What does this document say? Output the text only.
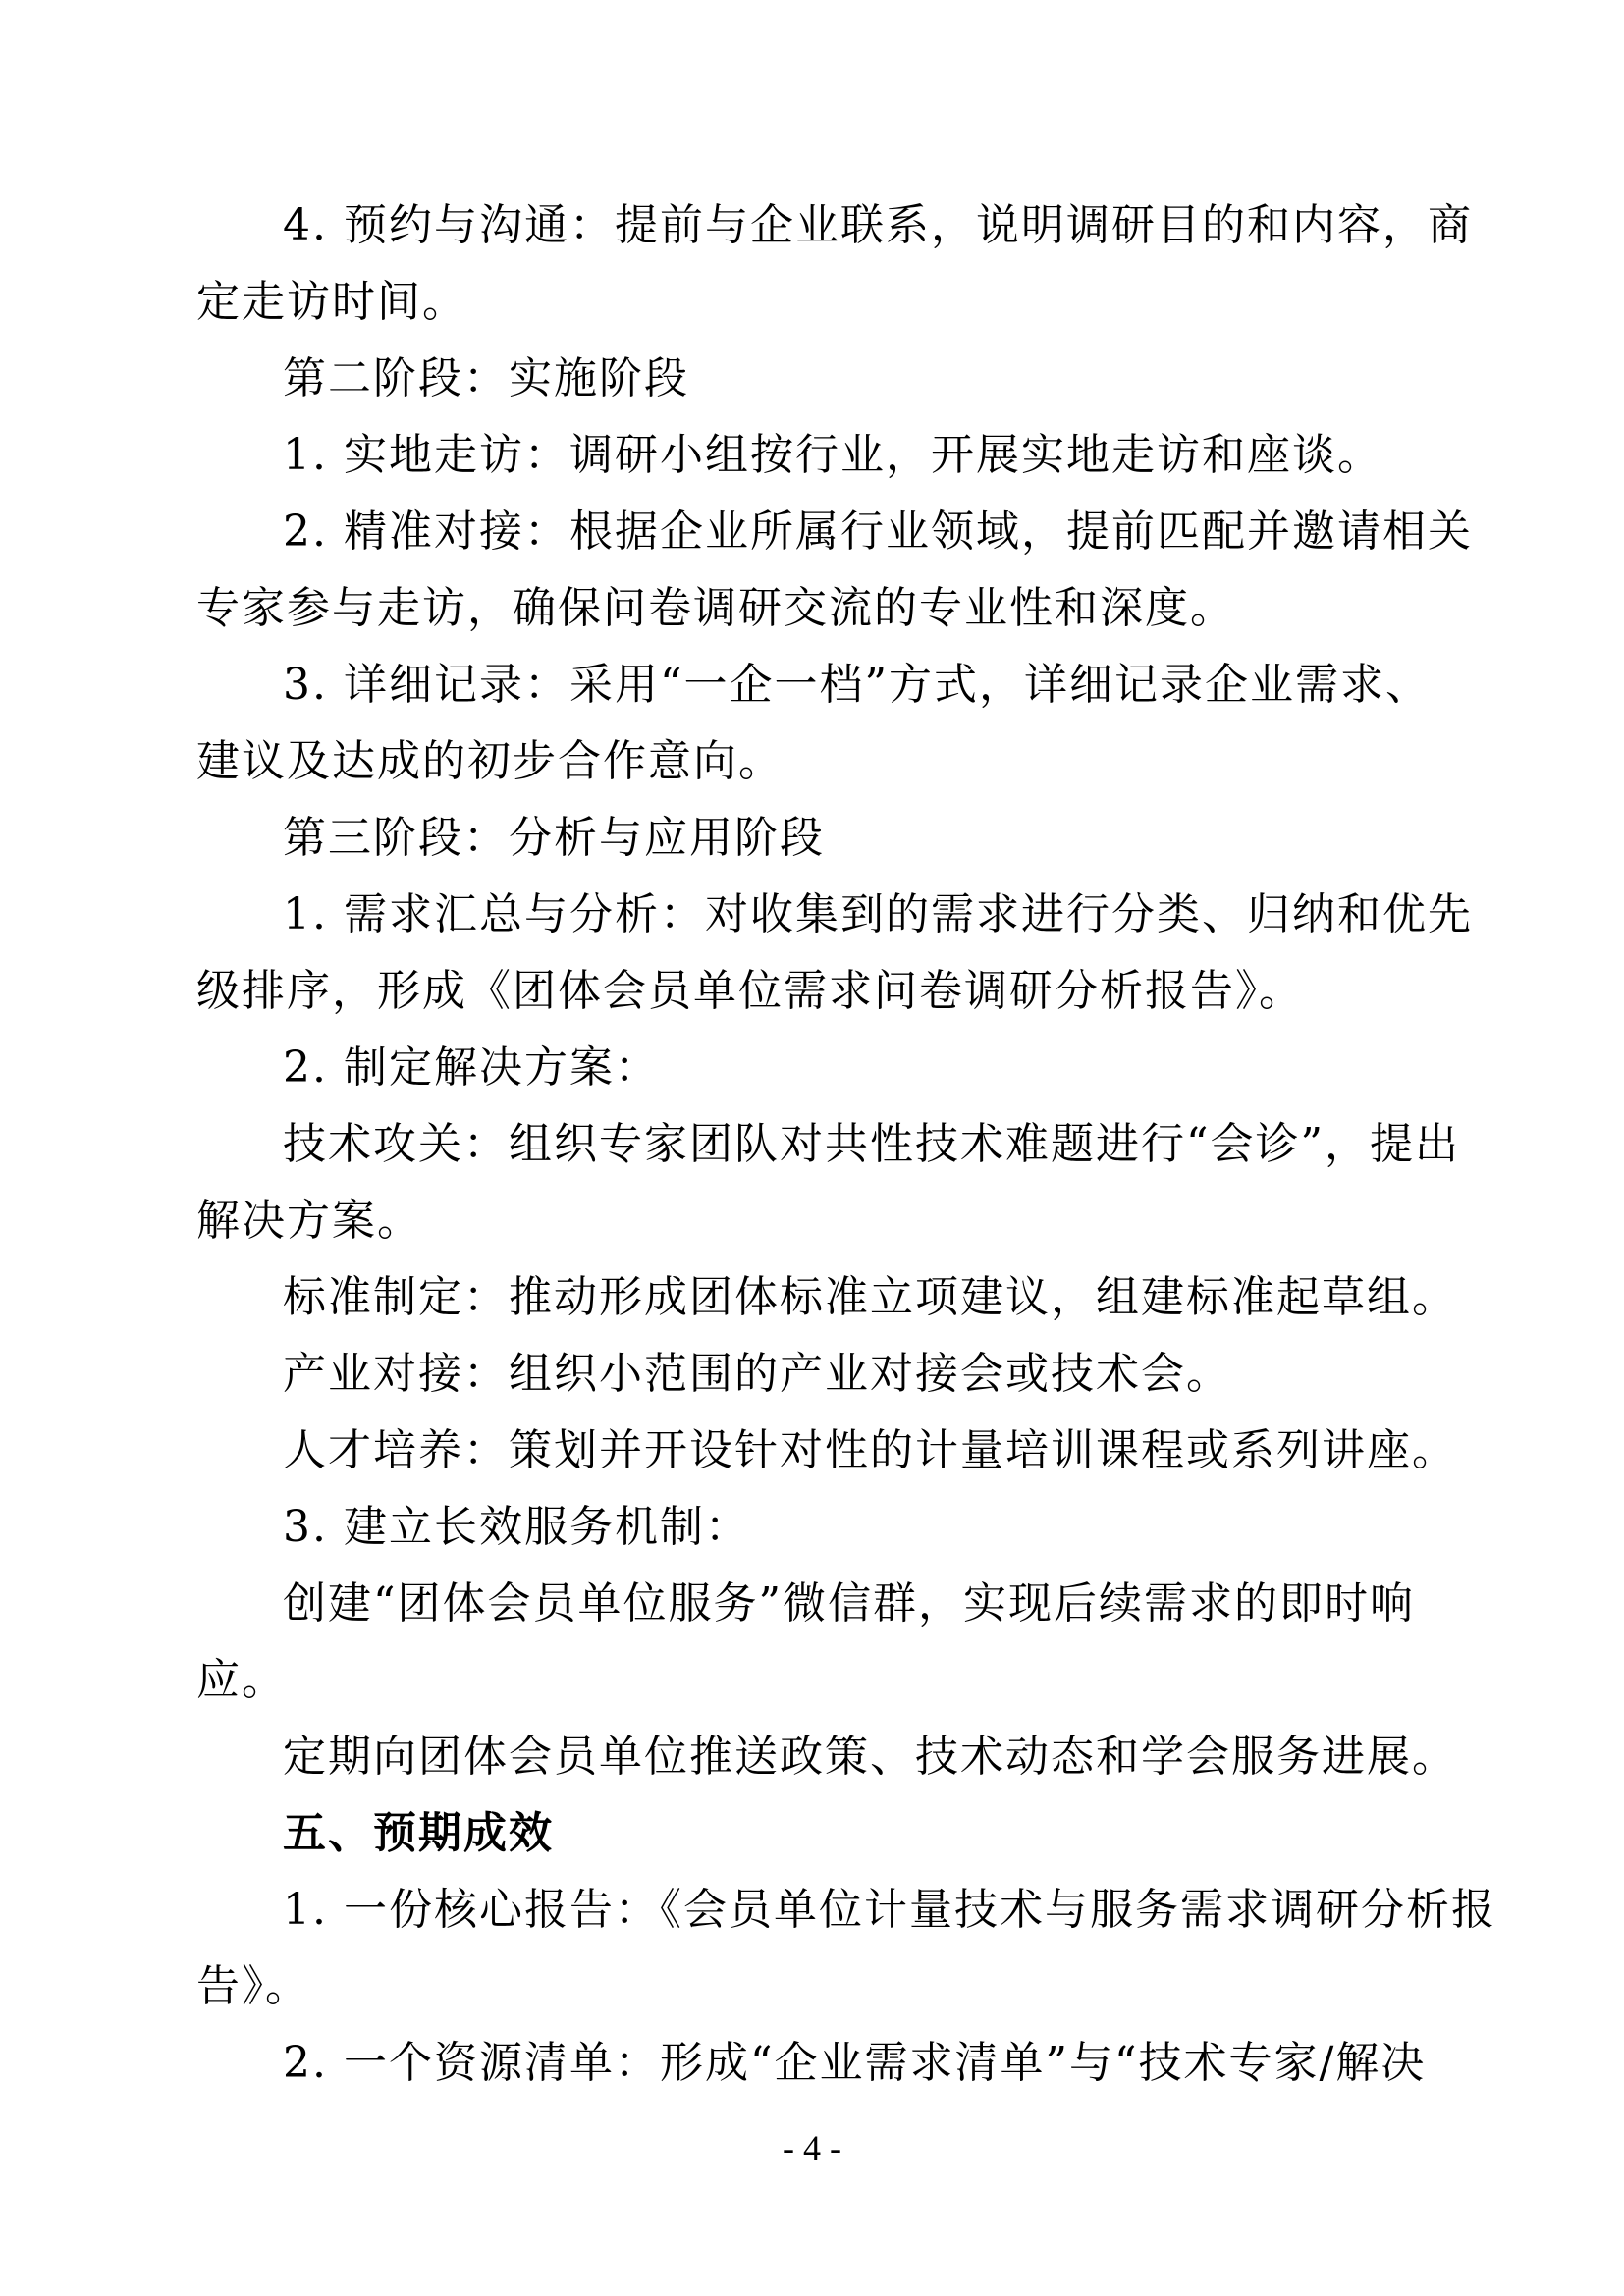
4. 预约与沟通：提前与企业联系，说明调研目的和内容，商
定走访时间。
第二阶段：实施阶段
1. 实地走访：调研小组按行业，开展实地走访和座谈。
2. 精准对接：根据企业所属行业领域，提前匹配并邀请相关
专家参与走访，确保问卷调研交流的专业性和深度。
3. 详细记录：采用“一企一档”方式，详细记录企业需求、
建议及达成的初步合作意向。
第三阶段：分析与应用阶段
1. 需求汇总与分析：对收集到的需求进行分类、归纳和优先
级排序，形成《团体会员单位需求问卷调研分析报告》。
2. 制定解决方案：
技术攻关：组织专家团队对共性技术难题进行“会诊”，提出
解决方案。
标准制定：推动形成团体标准立项建议，组建标准起草组。
产业对接：组织小范围的产业对接会或技术会。
人才培养：策划并开设针对性的计量培训课程或系列讲座。
3. 建立长效服务机制：
创建“团体会员单位服务”微信群，实现后续需求的即时响
应。
定期向团体会员单位推送政策、技术动态和学会服务进展。
五、预期成效
1. 一份核心报告：《会员单位计量技术与服务需求调研分析报
告》。
2. 一个资源清单：形成“企业需求清单”与“技术专家/解决
- 4 -
